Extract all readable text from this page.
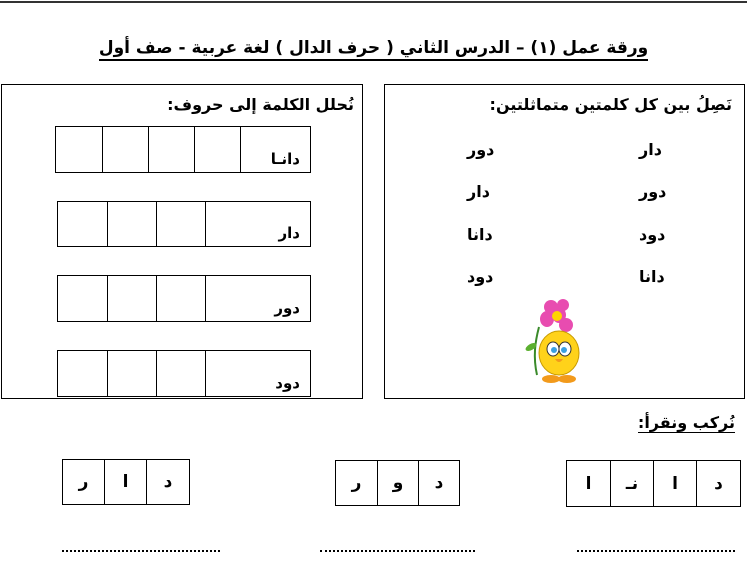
ورقة عمل (١) – الدرس الثاني ( حرف الدال ) لغة عربية - صف أول
نُحلل الكلمة إلى حروف:
دانـا
دار
دور
دود
نَصِلُ بين كل كلمتين متماثلتين:
دار
دور
دود
دانا
دور
دار
دانا
دود
نُركب ونقرأ:
ا	نـ	ا	د
ر	و	د
ر	ا	د
